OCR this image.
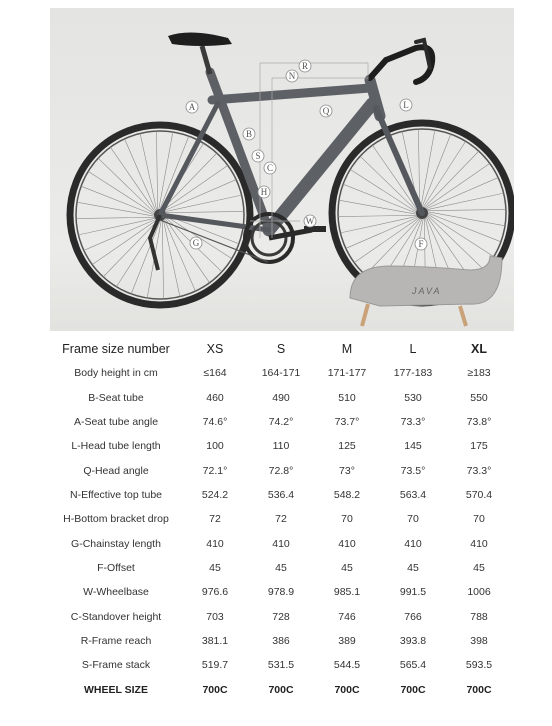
JAVA
A
B
S
C
H
N
R
Q
L
W
G	F
Frame size number	XS	S	M	L	XL
Body height in cm	≤164	164-171	171-177	177-183	≥183
B-Seat tube	460	490	510	530	550
A-Seat tube angle	74.6°	74.2°	73.7°	73.3°	73.8°
L-Head tube length	100	110	125	145	175
Q-Head angle	72.1°	72.8°	73°	73.5°	73.3°
N-Effective top tube	524.2	536.4	548.2	563.4	570.4
H-Bottom bracket drop	72	72	70	70	70
G-Chainstay length	410	410	410	410	410
F-Offset	45	45	45	45	45
W-Wheelbase	976.6	978.9	985.1	991.5	1006
C-Standover height	703	728	746	766	788
R-Frame reach	381.1	386	389	393.8	398
S-Frame stack	519.7	531.5	544.5	565.4	593.5
WHEEL SIZE	700C	700C	700C	700C	700C
